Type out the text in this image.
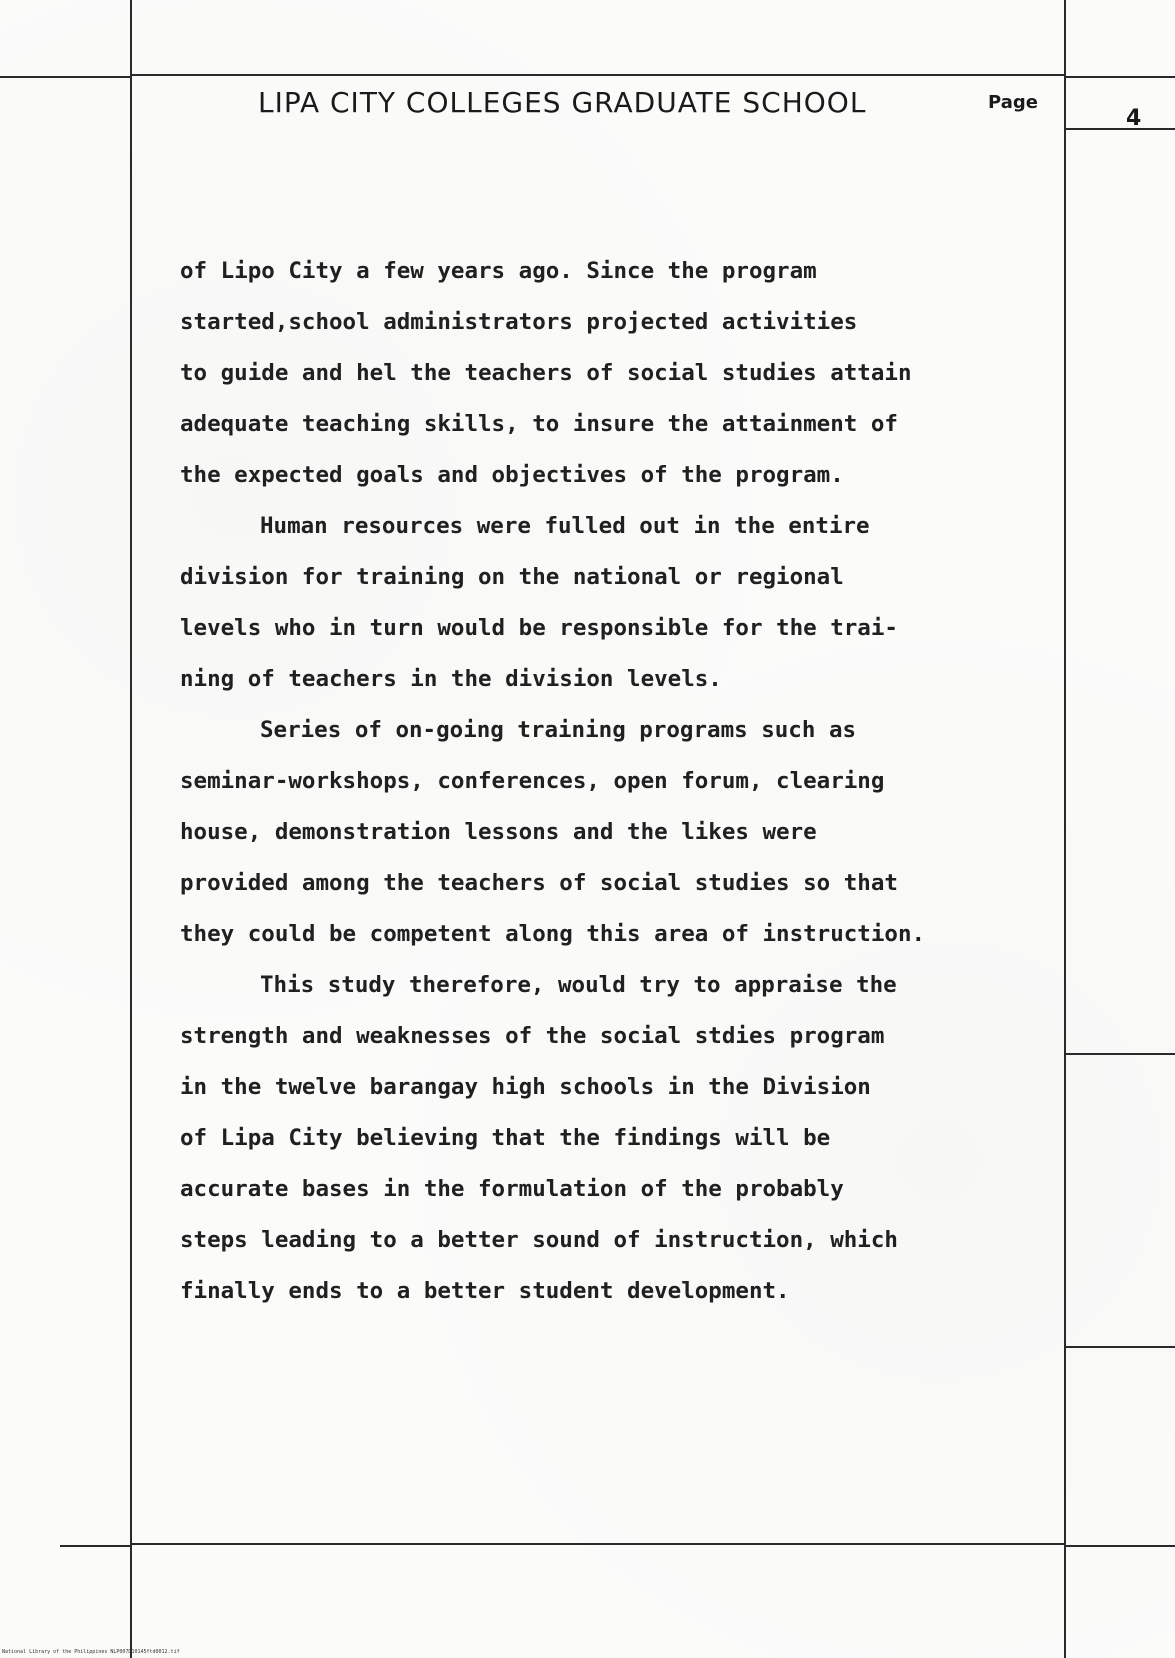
LIPA CITY COLLEGES GRADUATE SCHOOL	Page
4
of Lipo City a few years ago. Since the program
started,school administrators projected activities
to guide and hel the teachers of social studies attain
adequate teaching skills, to insure the attainment of
the expected goals and objectives of the program.
Human resources were fulled out in the entire
division for training on the national or regional
levels who in turn would be responsible for the trai-
ning of teachers in the division levels.
Series of on-going training programs such as
seminar-workshops, conferences, open forum, clearing
house, demonstration lessons and the likes were
provided among the teachers of social studies so that
they could be competent along this area of instruction.
This study therefore, would try to appraise the
strength and weaknesses of the social stdies program
in the twelve barangay high schools in the Division
of Lipa City believing that the findings will be
accurate bases in the formulation of the probably
steps leading to a better sound of instruction, which
finally ends to a better student development.
National Library of the Philippines NLP007D10145ftd0012.tif
